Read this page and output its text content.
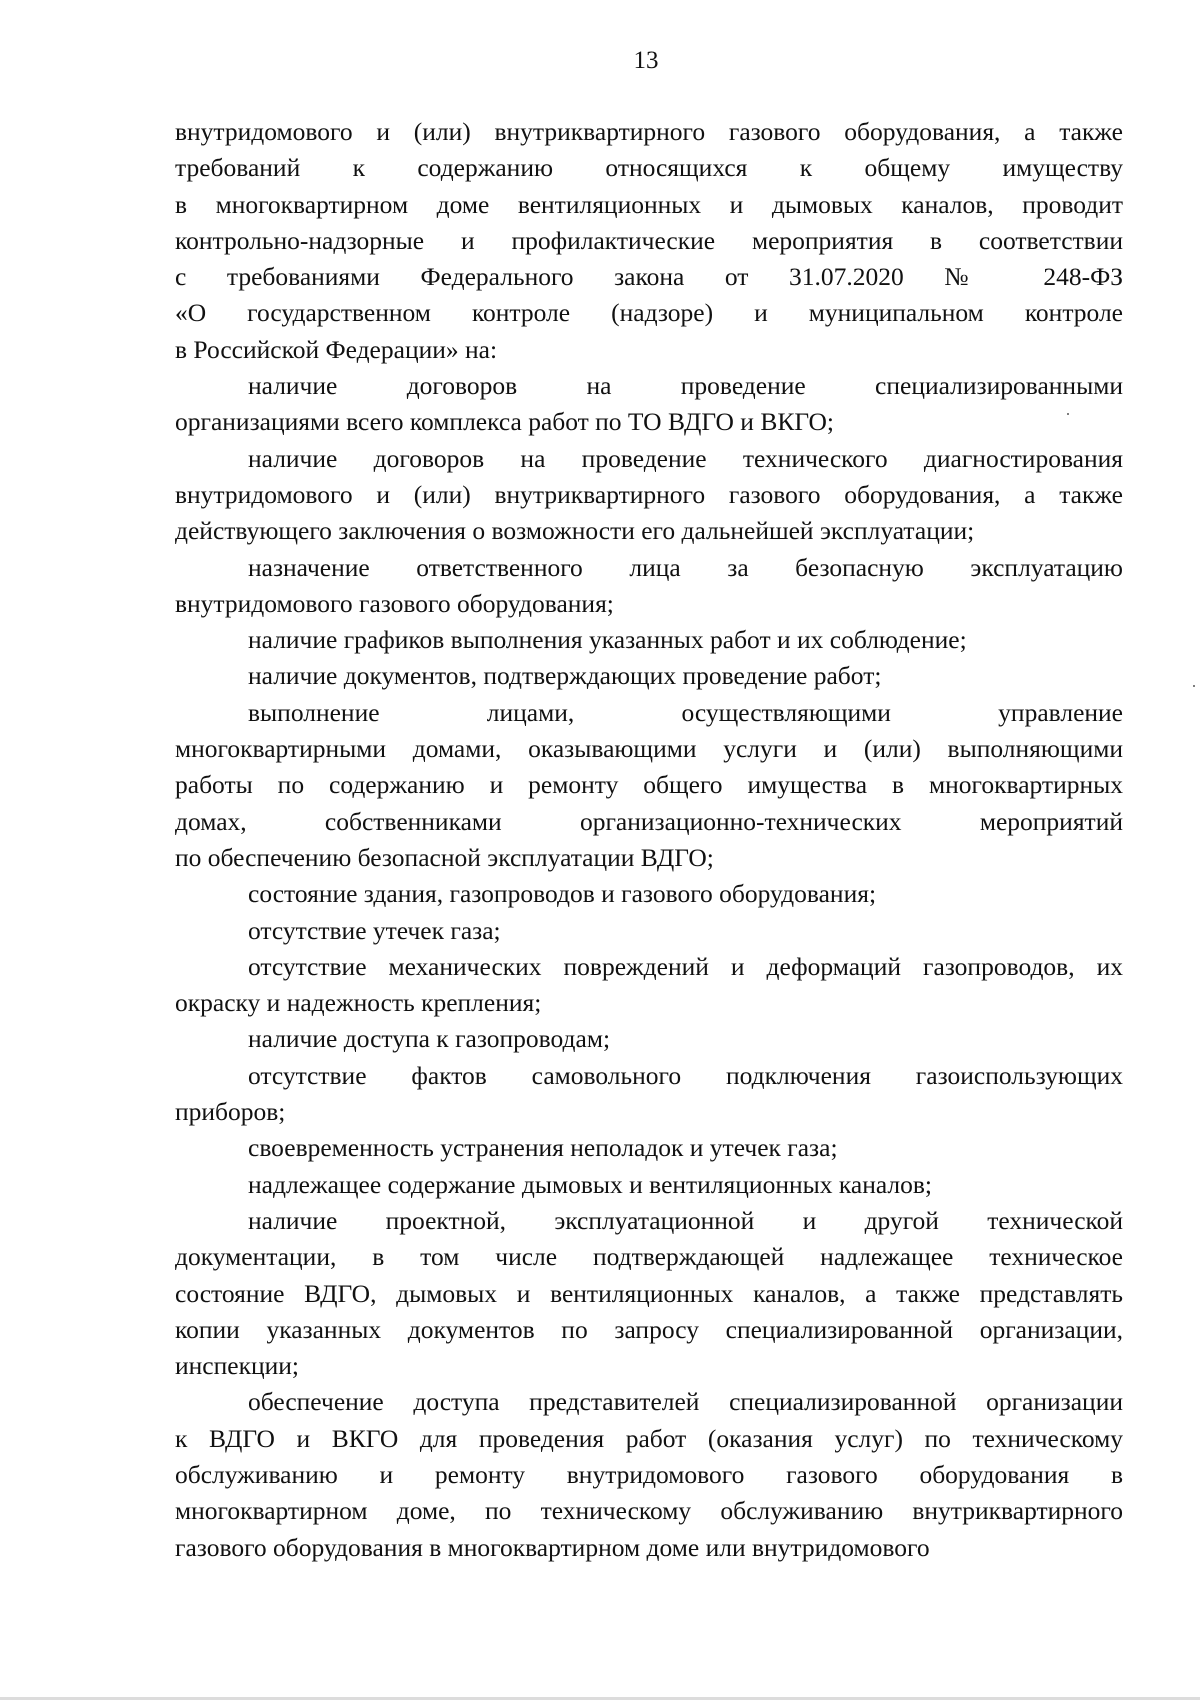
13
внутридомового и (или) внутриквартирного газового оборудования, а также
требований к содержанию относящихся к общему имуществу
в многоквартирном доме вентиляционных и дымовых каналов, проводит
контрольно-надзорные и профилактические мероприятия в соответствии
с требованиями Федерального закона от 31.07.2020 № 248-ФЗ
«О государственном контроле (надзоре) и муниципальном контроле
в Российской Федерации» на:
наличие договоров на проведение специализированными
организациями всего комплекса работ по ТО ВДГО и ВКГО;
наличие договоров на проведение технического диагностирования
внутридомового и (или) внутриквартирного газового оборудования, а также
действующего заключения о возможности его дальнейшей эксплуатации;
назначение ответственного лица за безопасную эксплуатацию
внутридомового газового оборудования;
наличие графиков выполнения указанных работ и их соблюдение;
наличие документов, подтверждающих проведение работ;
выполнение лицами, осуществляющими управление
многоквартирными домами, оказывающими услуги и (или) выполняющими
работы по содержанию и ремонту общего имущества в многоквартирных
домах, собственниками организационно-технических мероприятий
по обеспечению безопасной эксплуатации ВДГО;
состояние здания, газопроводов и газового оборудования;
отсутствие утечек газа;
отсутствие механических повреждений и деформаций газопроводов, их
окраску и надежность крепления;
наличие доступа к газопроводам;
отсутствие фактов самовольного подключения газоиспользующих
приборов;
своевременность устранения неполадок и утечек газа;
надлежащее содержание дымовых и вентиляционных каналов;
наличие проектной, эксплуатационной и другой технической
документации, в том числе подтверждающей надлежащее техническое
состояние ВДГО, дымовых и вентиляционных каналов, а также представлять
копии указанных документов по запросу специализированной организации,
инспекции;
обеспечение доступа представителей специализированной организации
к ВДГО и ВКГО для проведения работ (оказания услуг) по техническому
обслуживанию и ремонту внутридомового газового оборудования в
многоквартирном доме, по техническому обслуживанию внутриквартирного
газового оборудования в многоквартирном доме или внутридомового
